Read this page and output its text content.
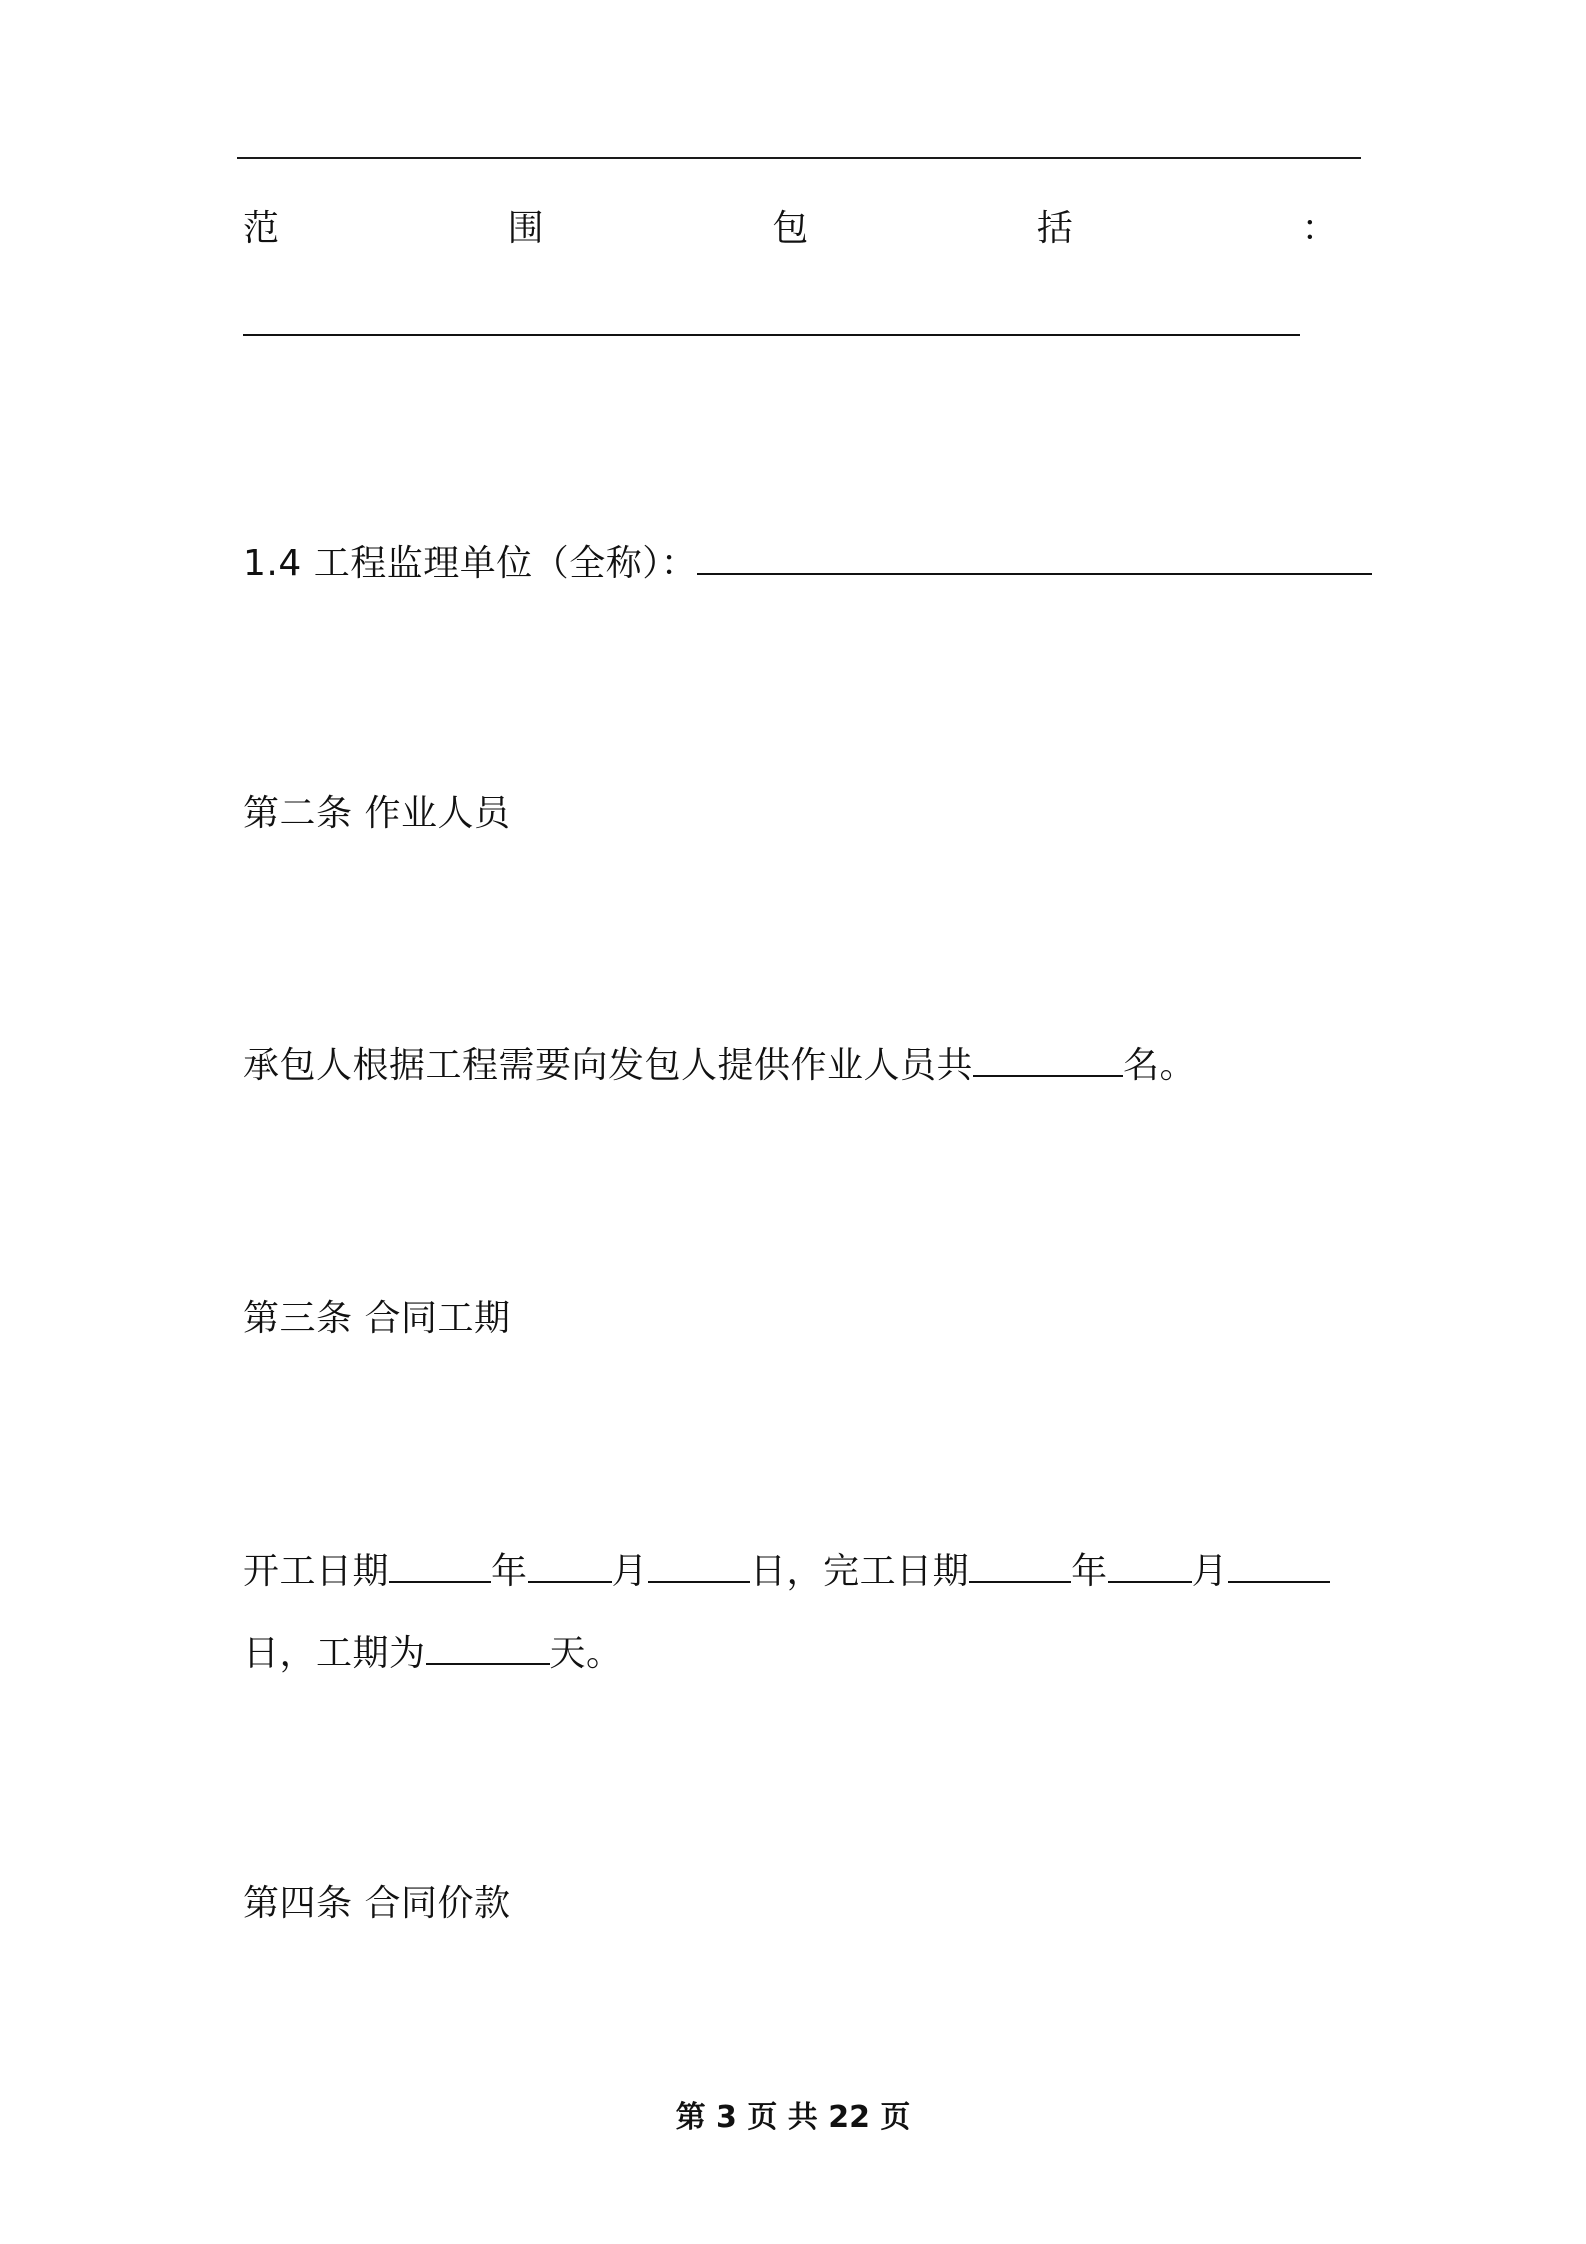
范	围	包	括	：
1.4 工程监理单位（全称）：
第二条 作业人员
承包人根据工程需要向发包人提供作业人员共	名。
第三条 合同工期
开工日期	年 月	日，完工日期	年 月
日，工期为	天。
第四条 合同价款
第 3 页 共 22 页
